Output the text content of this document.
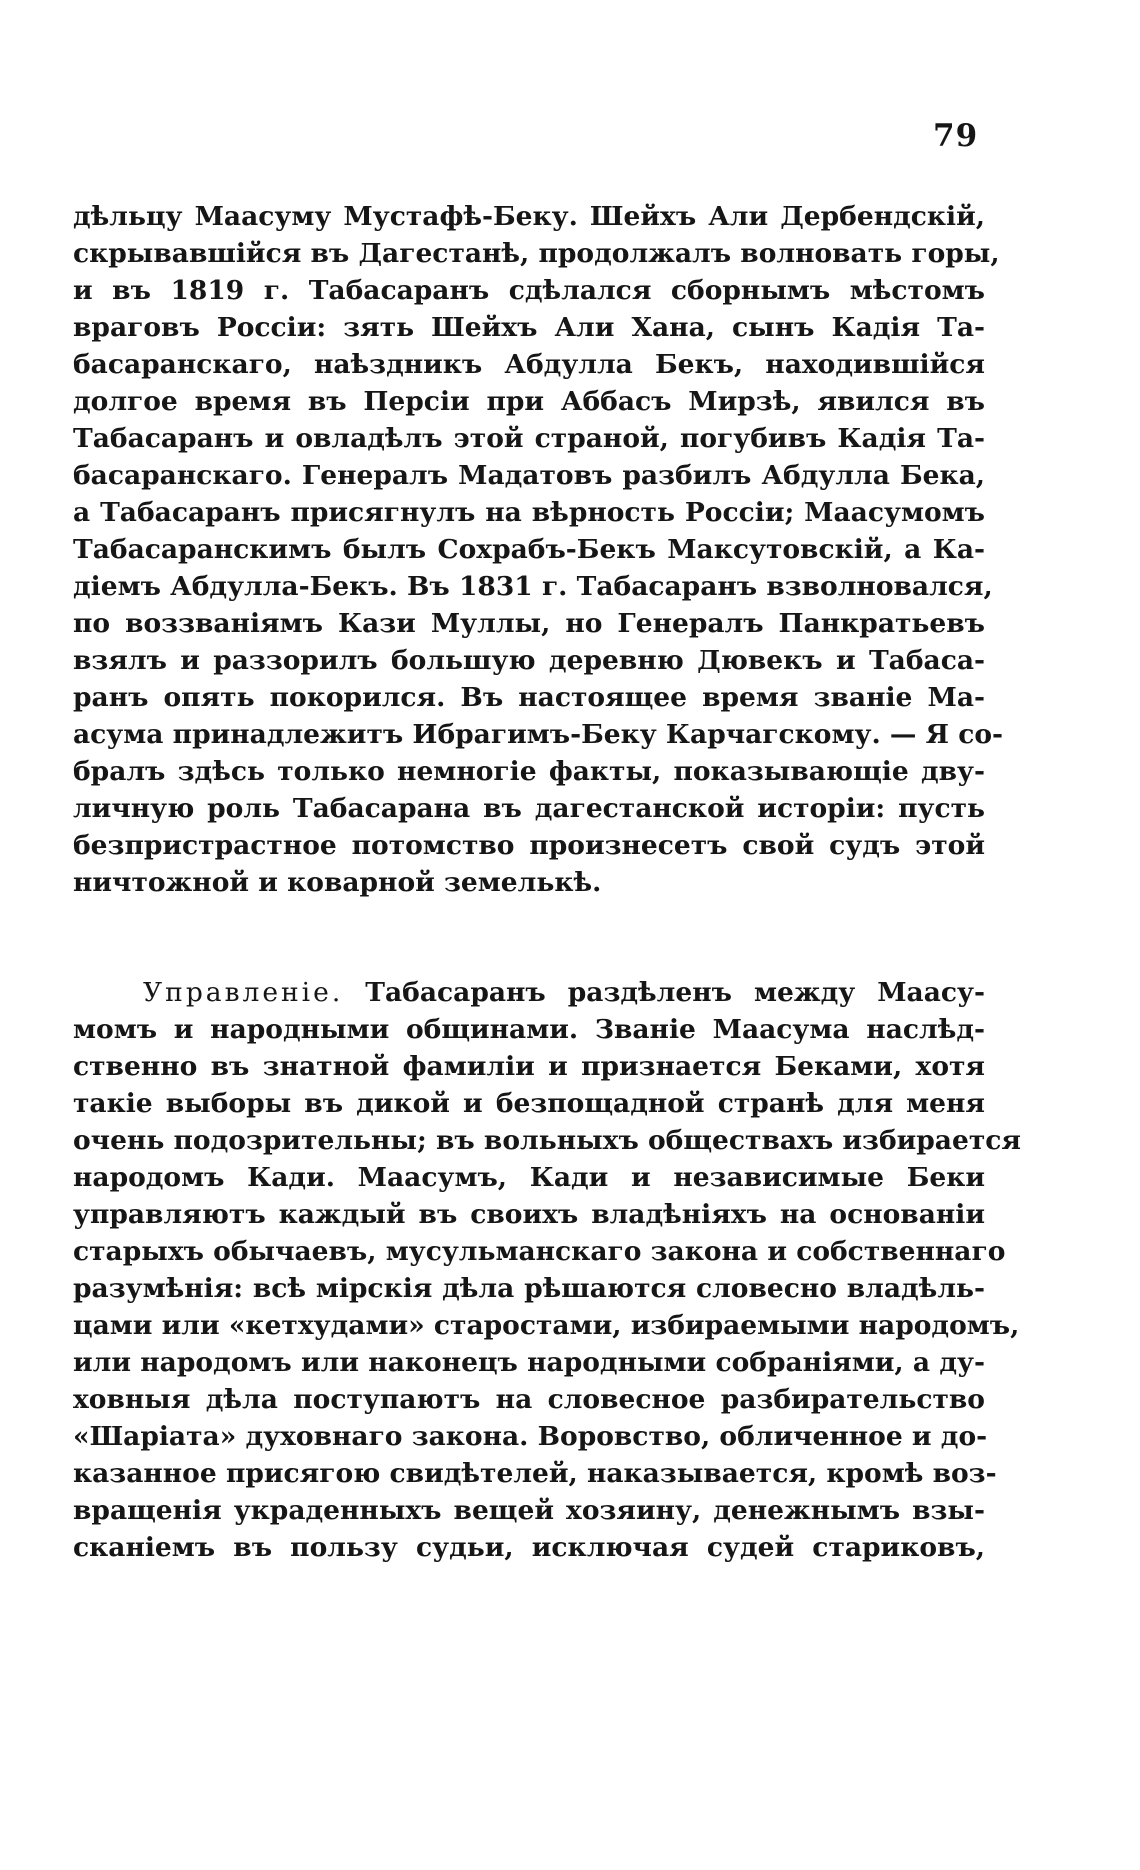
79
дѣльцу Маасуму Мустафѣ-Беку. Шейхъ Али Дербендскій,
скрывавшійся въ Дагестанѣ, продолжалъ волновать горы,
и въ 1819 г. Табасаранъ сдѣлался сборнымъ мѣстомъ
враговъ Россіи: зять Шейхъ Али Хана, сынъ Кадія Та-
басаранскаго, наѣздникъ Абдулла Бекъ, находившійся
долгое время въ Персіи при Аббасъ Мирзѣ, явился въ
Табасаранъ и овладѣлъ этой страной, погубивъ Кадія Та-
басаранскаго. Генералъ Мадатовъ разбилъ Абдулла Бека,
а Табасаранъ присягнулъ на вѣрность Россіи; Маасумомъ
Табасаранскимъ былъ Сохрабъ-Бекъ Максутовскій, а Ка-
діемъ Абдулла-Бекъ. Въ 1831 г. Табасаранъ взволновался,
по воззваніямъ Кази Муллы, но Генералъ Панкратьевъ
взялъ и раззорилъ большую деревню Дювекъ и Табаса-
ранъ опять покорился. Въ настоящее время званіе Ма-
асума принадлежитъ Ибрагимъ-Беку Карчагскому. — Я со-
бралъ здѣсь только немногіе факты, показывающіе дву-
личную роль Табасарана въ дагестанской исторіи: пусть
безпристрастное потомство произнесетъ свой судъ этой
ничтожной и коварной земелькѣ.
Управленіе. Табасаранъ раздѣленъ между Маасу-
момъ и народными общинами. Званіе Маасума наслѣд-
ственно въ знатной фамиліи и признается Беками, хотя
такіе выборы въ дикой и безпощадной странѣ для меня
очень подозрительны; въ вольныхъ обществахъ избирается
народомъ Кади. Маасумъ, Кади и независимые Беки
управляютъ каждый въ своихъ владѣніяхъ на основаніи
старыхъ обычаевъ, мусульманскаго закона и собственнаго
разумѣнія: всѣ мірскія дѣла рѣшаются словесно владѣль-
цами или «кетхудами» старостами, избираемыми народомъ,
или народомъ или наконецъ народными собраніями, а ду-
ховныя дѣла поступаютъ на словесное разбирательство
«Шаріата» духовнаго закона. Воровство, обличенное и до-
казанное присягою свидѣтелей, наказывается, кромѣ воз-
вращенія украденныхъ вещей хозяину, денежнымъ взы-
сканіемъ въ пользу судьи, исключая судей стариковъ,
